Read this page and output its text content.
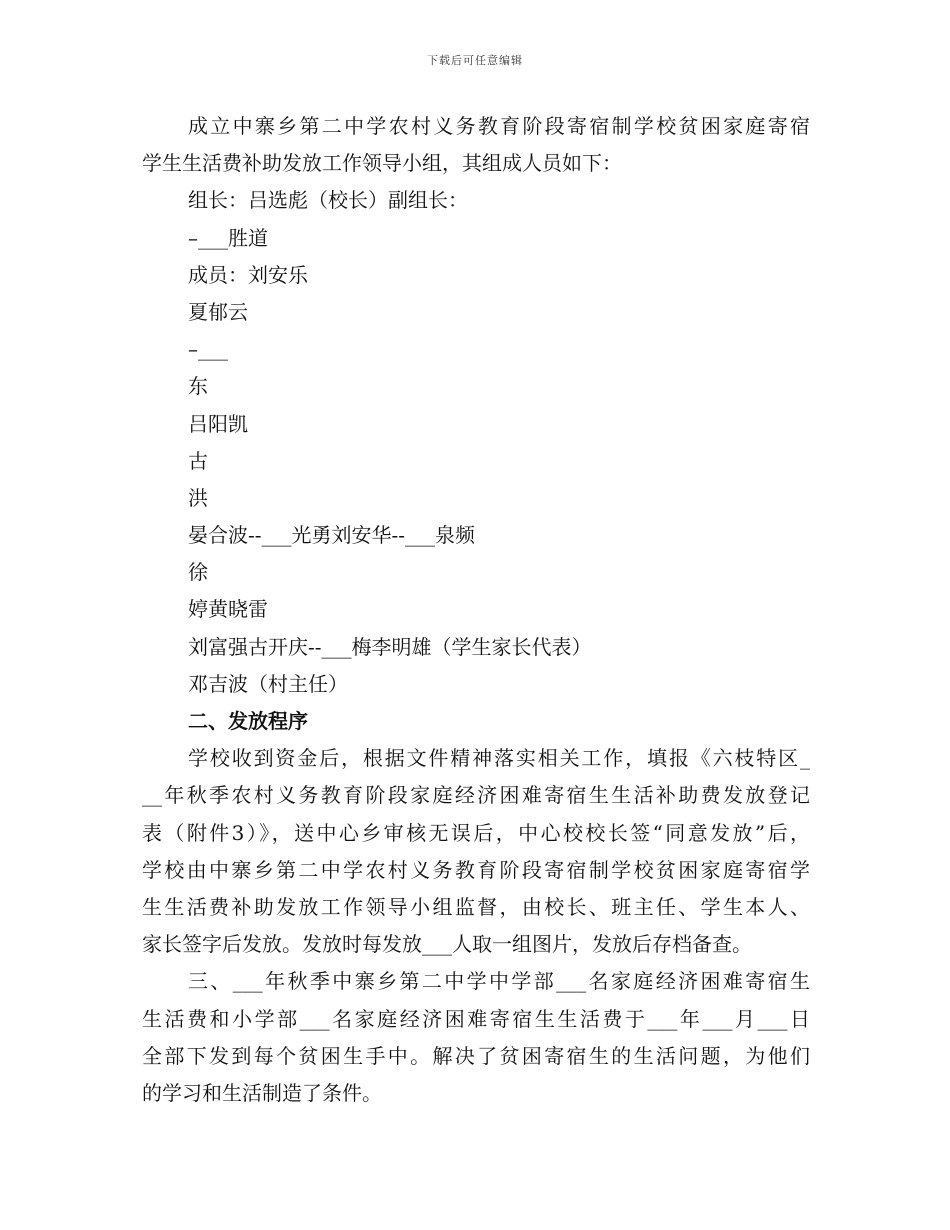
下载后可任意编辑
成立中寨乡第二中学农村义务教育阶段寄宿制学校贫困家庭寄宿
学生生活费补助发放工作领导小组，其组成人员如下：
组长：吕选彪（校长）副组长：
–___胜道
成员：刘安乐
夏郁云
–___
东
吕阳凯
古
洪
晏合波--___光勇刘安华--___泉频
徐
婷黄晓雷
刘富强古开庆--___梅李明雄（学生家长代表）
邓吉波（村主任）
二、发放程序
学校收到资金后，根据文件精神落实相关工作，填报《六枝特区_
__年秋季农村义务教育阶段家庭经济困难寄宿生生活补助费发放登记
表（附件3）》，送中心乡审核无误后，中心校校长签“同意发放”后，
学校由中寨乡第二中学农村义务教育阶段寄宿制学校贫困家庭寄宿学
生生活费补助发放工作领导小组监督，由校长、班主任、学生本人、
家长签字后发放。发放时每发放___人取一组图片，发放后存档备查。
三、___年秋季中寨乡第二中学中学部___名家庭经济困难寄宿生
生活费和小学部___名家庭经济困难寄宿生生活费于___年___月___日
全部下发到每个贫困生手中。解决了贫困寄宿生的生活问题，为他们
的学习和生活制造了条件。
